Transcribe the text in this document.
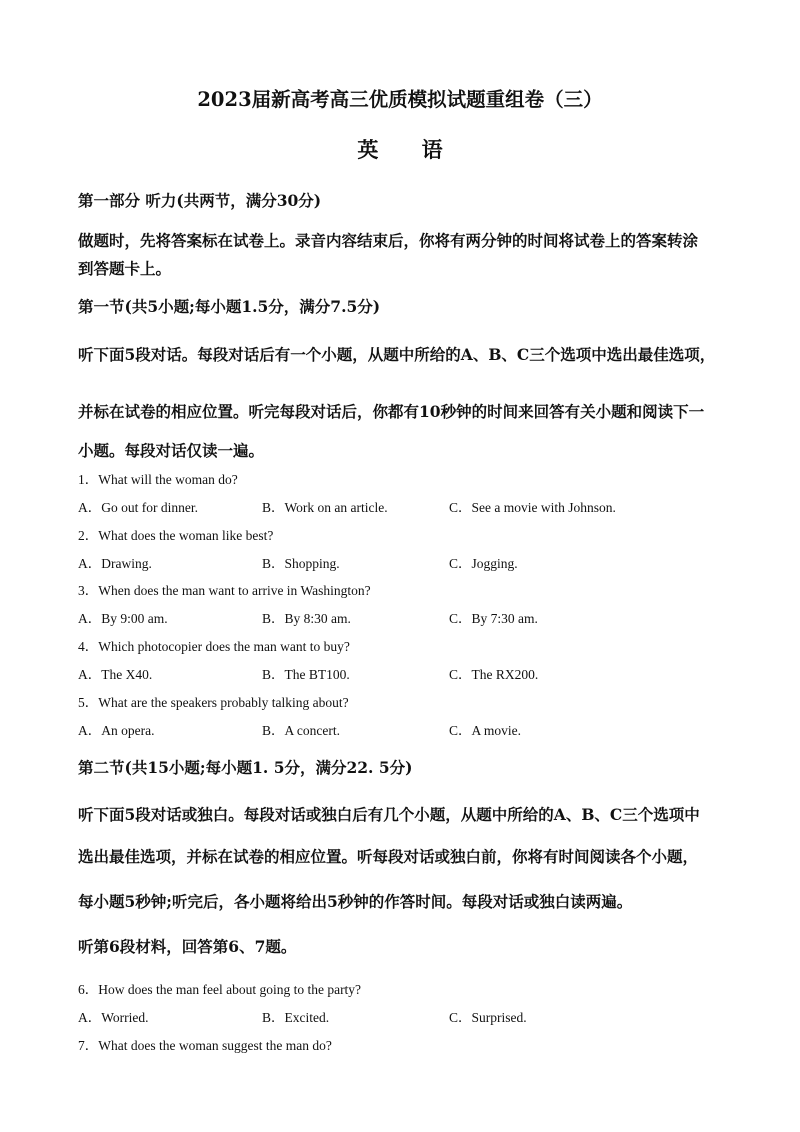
2023届新高考高三优质模拟试题重组卷（三）
英 语
第一部分 听力(共两节，满分30分)
做题时，先将答案标在试卷上。录音内容结束后，你将有两分钟的时间将试卷上的答案转涂
到答题卡上。
第一节(共5小题;每小题1.5分，满分7.5分)
听下面5段对话。每段对话后有一个小题，从题中所给的A、B、C三个选项中选出最佳选项，
并标在试卷的相应位置。听完每段对话后，你都有10秒钟的时间来回答有关小题和阅读下一
小题。每段对话仅读一遍。
1．What will the woman do?
A．Go out for dinner.	B．Work on an article.	C．See a movie with Johnson.
2．What does the woman like best?
A．Drawing.	B．Shopping.	C．Jogging.
3．When does the man want to arrive in Washington?
A．By 9:00 am.	B．By 8:30 am.	C．By 7:30 am.
4．Which photocopier does the man want to buy?
A．The X40.	B．The BT100.	C．The RX200.
5．What are the speakers probably talking about?
A．An opera.	B．A concert.	C．A movie.
第二节(共15小题;每小题1. 5分，满分22. 5分)
听下面5段对话或独白。每段对话或独白后有几个小题，从题中所给的A、B、C三个选项中
选出最佳选项，并标在试卷的相应位置。听每段对话或独白前，你将有时间阅读各个小题，
每小题5秒钟;听完后，各小题将给出5秒钟的作答时间。每段对话或独白读两遍。
听第6段材料，回答第6、7题。
6．How does the man feel about going to the party?
A．Worried.	B．Excited.	C．Surprised.
7．What does the woman suggest the man do?
